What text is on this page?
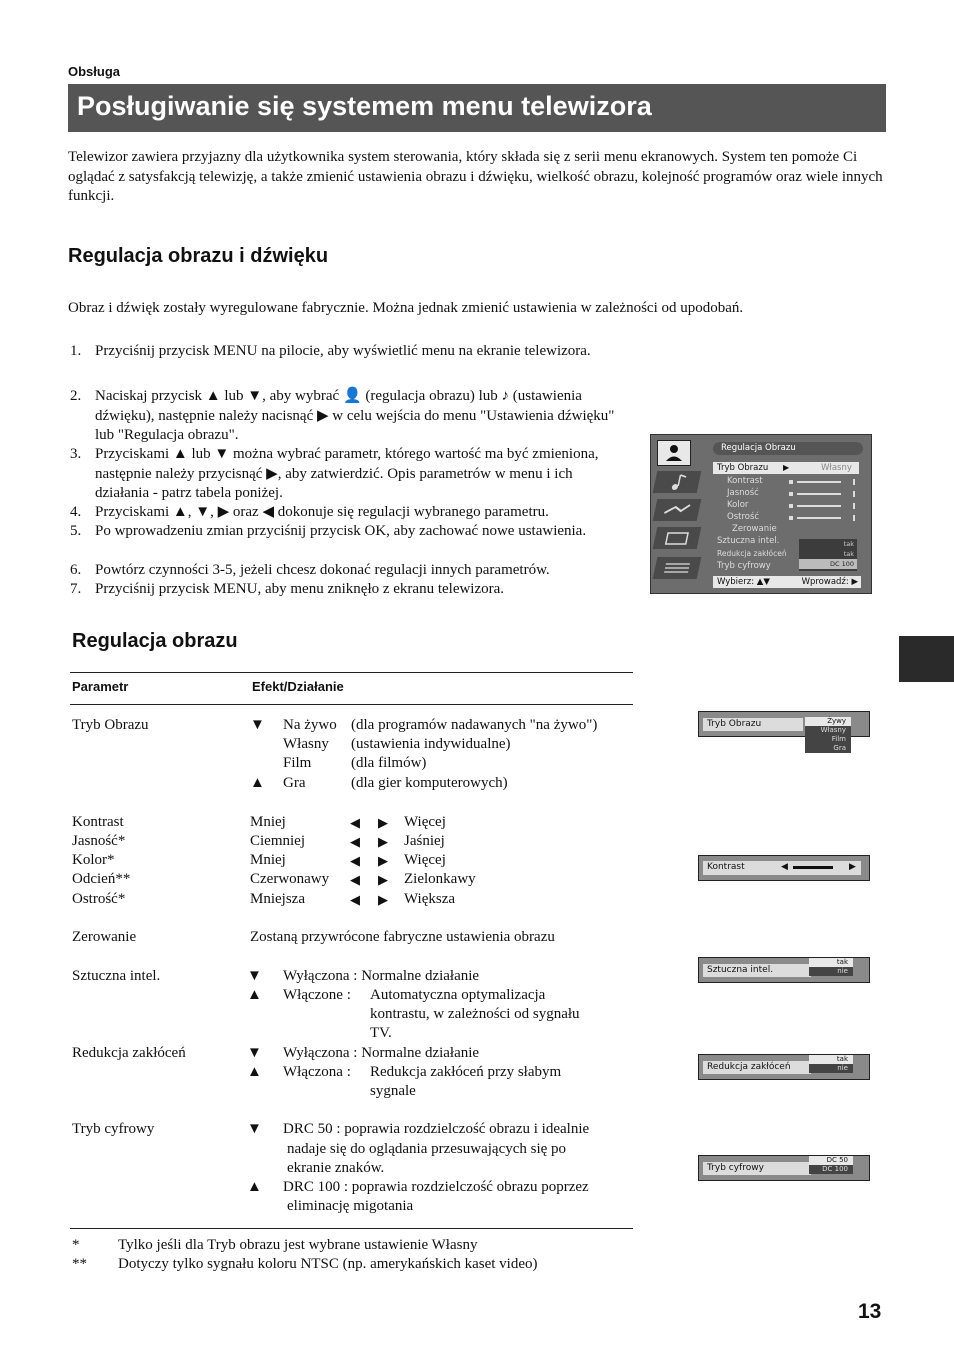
Obsługa
Posługiwanie się systemem menu telewizora
Telewizor zawiera przyjazny dla użytkownika system sterowania, który składa się z serii menu ekranowych. System ten pomoże Ci oglądać z satysfakcją telewizję, a także zmienić ustawienia obrazu i dźwięku, wielkość obrazu, kolejność programów oraz wiele innych funkcji.
Regulacja obrazu i dźwięku
Obraz i dźwięk zostały wyregulowane fabrycznie. Można jednak zmienić ustawienia w zależności od upodobań.
1. Przyciśnij przycisk MENU na pilocie, aby wyświetlić menu na ekranie telewizora.
2. Naciskaj przycisk ▲ lub ▼, aby wybrać 👤 (regulacja obrazu) lub ♪ (ustawienia dźwięku), następnie należy nacisnąć ▶ w celu wejścia do menu "Ustawienia dźwięku" lub "Regulacja obrazu".
3. Przyciskami ▲ lub ▼ można wybrać parametr, którego wartość ma być zmieniona, następnie należy przycisnąć ▶, aby zatwierdzić. Opis parametrów w menu i ich działania - patrz tabela poniżej.
4. Przyciskami ▲, ▼, ▶ oraz ◀ dokonuje się regulacji wybranego parametru.
5. Po wprowadzeniu zmian przyciśnij przycisk OK, aby zachować nowe ustawienia.
6. Powtórz czynności 3-5, jeżeli chcesz dokonać regulacji innych parametrów.
7. Przyciśnij przycisk MENU, aby menu zniknęło z ekranu telewizora.
Regulacja Obrazu
Tryb Obrazu ▶	Własny
Kontrast
Jasność
Kolor
Ostrość
Zerowanie
Sztuczna intel.
Redukcja zakłóceń
Tryb cyfrowy
tak
tak
DC 100
Wybierz: ▲▼	Wprowadź: ▶
Regulacja obrazu
Parametr	Efekt/Działanie
Tryb Obrazu	▼ Na żywo (dla programów nadawanych "na żywo")
Własny (ustawienia indywidualne)
Film	(dla filmów)
▲ Gra	(dla gier komputerowych)
Kontrast	Mniej	◀ ▶ Więcej
Jasność*	Ciemniej	◀ ▶ Jaśniej
Kolor*	Mniej	◀ ▶ Więcej
Odcień**	Czerwonawy ◀ ▶ Zielonkawy
Ostrość*	Mniejsza	◀ ▶ Większa
Zerowanie	Zostaną przywrócone fabryczne ustawienia obrazu
Sztuczna intel.	▼ Wyłączona : Normalne działanie
▲ Włączone : Automatyczna optymalizacja
kontrastu, w zależności od sygnału
TV.
Redukcja zakłóceń	▼ Wyłączona : Normalne działanie
▲ Włączona : Redukcja zakłóceń przy słabym
sygnale
Tryb cyfrowy	▼ DRC 50 : poprawia rozdzielczość obrazu i idealnie
nadaje się do oglądania przesuwających się po
ekranie znaków.
▲ DRC 100 : poprawia rozdzielczość obrazu poprzez
eliminację migotania
*	Tylko jeśli dla Tryb obrazu jest wybrane ustawienie Własny
** Dotyczy tylko sygnału koloru NTSC (np. amerykańskich kaset video)
Tryb Obrazu	Żywy
Własny
Film
Gra
Kontrast	◀	▶
Sztuczna intel.
tak
nie
Redukcja zakłóceń
tak
nie
Tryb cyfrowy
DC 50
DC 100
13
